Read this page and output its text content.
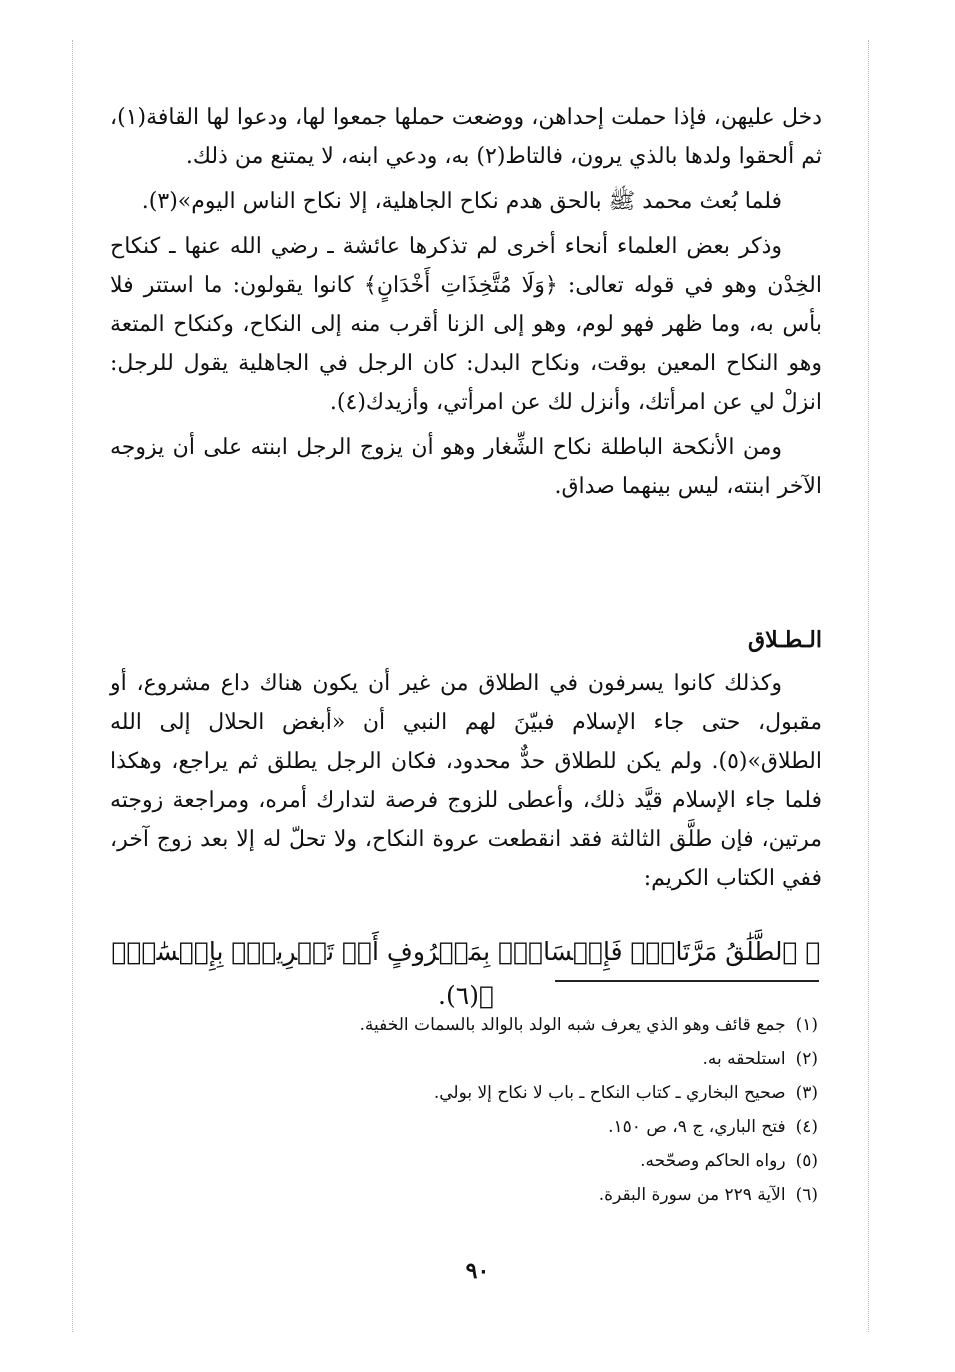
دخل عليهن، فإذا حملت إحداهن، ووضعت حملها جمعوا لها، ودعوا لها القافة(١)، ثم ألحقوا ولدها بالذي يرون، فالتاط(٢) به، ودعي ابنه، لا يمتنع من ذلك.

فلما بُعث محمد ﷺ بالحق هدم نكاح الجاهلية، إلا نكاح الناس اليوم»(٣).

وذكر بعض العلماء أنحاء أخرى لم تذكرها عائشة ـ رضي الله عنها ـ كنكاح الخِدْن وهو في قوله تعالى: ﴿وَلَا مُتَّخِذَاتِ أَخْدَانٍ﴾ كانوا يقولون: ما استتر فلا بأس به، وما ظهر فهو لوم، وهو إلى الزنا أقرب منه إلى النكاح، وكنكاح المتعة وهو النكاح المعين بوقت، ونكاح البدل: كان الرجل في الجاهلية يقول للرجل: انزلْ لي عن امرأتك، وأنزل لك عن امرأتي، وأزيدك(٤).

ومن الأنكحة الباطلة نكاح الشِّغار وهو أن يزوج الرجل ابنته على أن يزوجه الآخر ابنته، ليس بينهما صداق.

الـطـلاق

وكذلك كانوا يسرفون في الطلاق من غير أن يكون هناك داع مشروع، أو مقبول، حتى جاء الإسلام فبيّنَ لهم النبي أن «أبغض الحلال إلى الله الطلاق»(٥). ولم يكن للطلاق حدٌّ محدود، فكان الرجل يطلق ثم يراجع، وهكذا فلما جاء الإسلام قيَّد ذلك، وأعطى للزوج فرصة لتدارك أمره، ومراجعة زوجته مرتين، فإن طلَّق الثالثة فقد انقطعت عروة النكاح، ولا تحلّ له إلا بعد زوج آخر، ففي الكتاب الكريم:

﴿ ٱلطَّلَٰقُ مَرَّتَانِۖ فَإِمۡسَاكُۢ بِمَعۡرُوفٍ أَوۡ تَسۡرِيحُۢ بِإِحۡسَٰنٖۗ ﴾(٦).

(١)جمع قائف وهو الذي يعرف شبه الولد بالوالد بالسمات الخفية.
(٢)استلحقه به.
(٣)صحيح البخاري ـ كتاب النكاح ـ باب لا نكاح إلا بولي.
(٤)فتح الباري، ج ٩، ص ١٥٠.
(٥)رواه الحاكم وصحّحه.
(٦)الآية ٢٢٩ من سورة البقرة.
٩٠
